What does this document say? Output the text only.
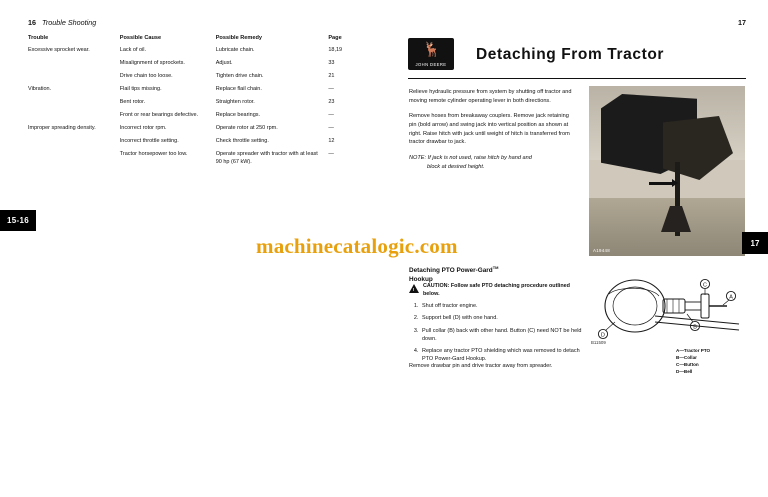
16 Trouble Shooting
Trouble	Possible Cause	Possible Remedy	Page
Excessive sprocket wear.	Lack of oil.	Lubricate chain.	18,19
	Misalignment of sprockets.	Adjust.	33
	Drive chain too loose.	Tighten drive chain.	21
Vibration.	Flail tips missing.	Replace flail chain.	—
	Bent rotor.	Straighten rotor.	23
	Front or rear bearings defective.	Replace bearings.	—
Improper spreading density.	Incorrect rotor rpm.	Operate rotor at 250 rpm.	—
	Incorrect throttle setting.	Check throttle setting.	12
	Tractor horsepower too low.	Operate spreader with tractor with at least 90 hp (67 kW).	—
15-16
17
🦌
JOHN DEERE
Detaching From Tractor

Relieve hydraulic pressure from system by shutting off tractor and moving remote cylinder operating lever in both directions.

Remove hoses from breakaway couplers. Remove jack retaining pin (bold arrow) and swing jack into vertical position as shown at right. Raise hitch with jack until weight of hitch is transferred from tractor drawbar to jack.

NOTE: If jack is not used, raise hitch by hand and
block at desired height.

A19448
17
Detaching PTO Power-Gard™
Hookup
!
CAUTION: Follow safe PTO detaching procedure outlined below.
1. Shut off tractor engine.
2. Support bell (D) with one hand.
3. Pull collar (B) back with other hand. Button (C) need NOT be held down.
4. Replace any tractor PTO shielding which was removed to detach PTO Power-Gard Hookup.
Remove drawbar pin and drive tractor away from spreader.
C
A
B
D
B11509
A—Tractor PTO
B—Collar
C—Button
D—Bell
machinecatalogic.com
